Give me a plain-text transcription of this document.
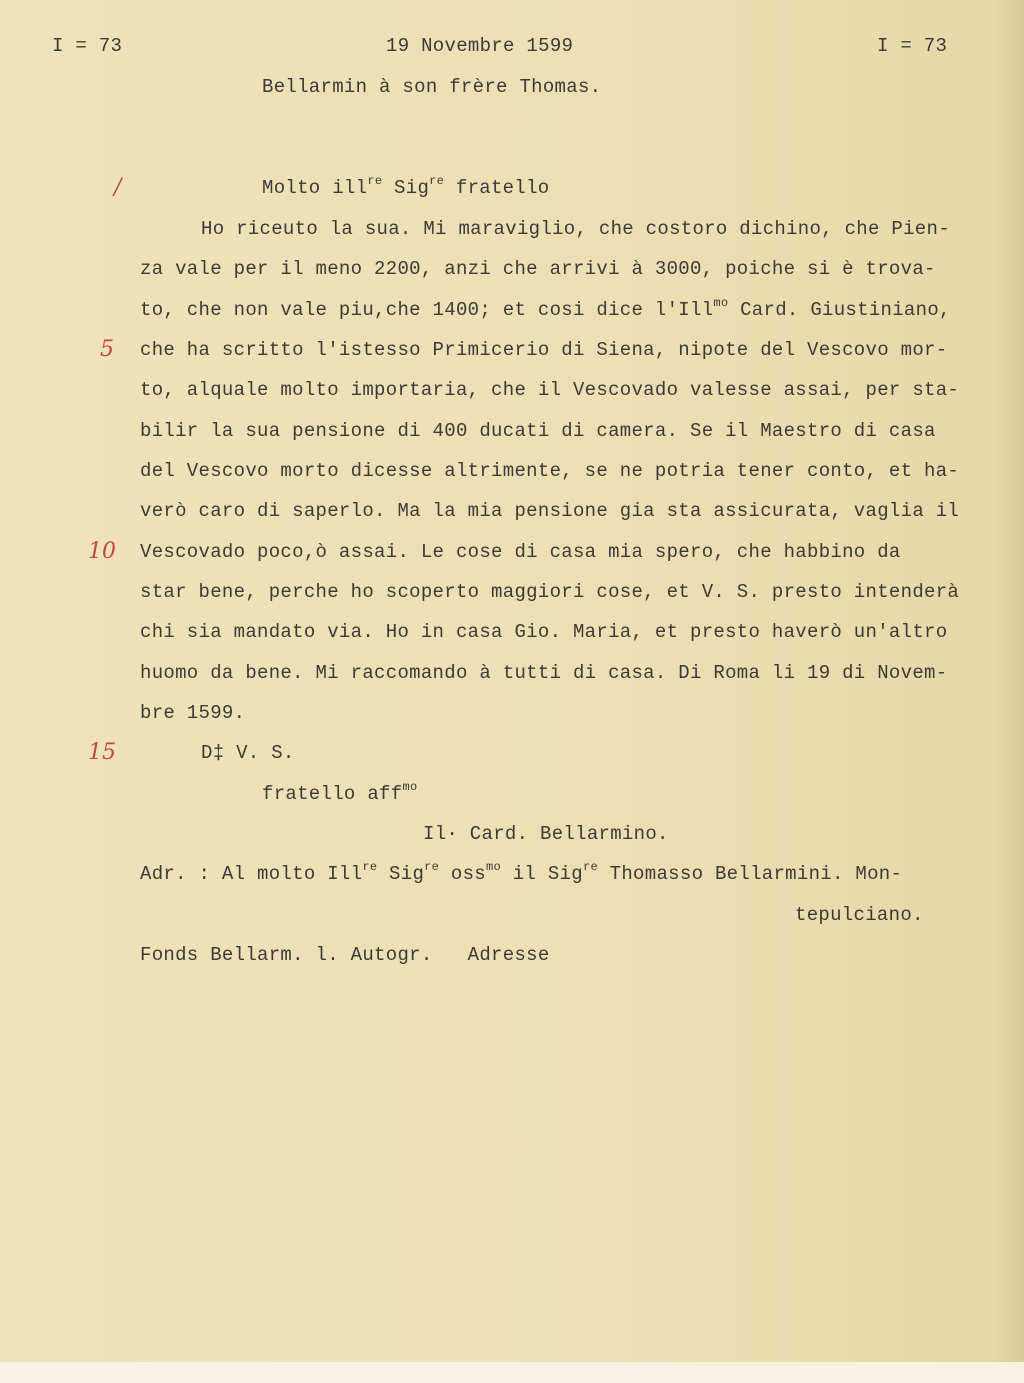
I = 73	19 Novembre 1599	I = 73
Bellarmin à son frère Thomas.
Molto ill$^{re}$ Sig$^{re}$ fratello
Ho riceuto la sua. Mi maraviglio, che costoro dichino, che Pien-
za vale per il meno 2200, anzi che arrivi à 3000, poiche si è trova-
to, che non vale piu,che 1400; et cosi dice l'Ill$^{mo}$ Card. Giustiniano,
che ha scritto l'istesso Primicerio di Siena, nipote del Vescovo mor-
to, alquale molto importaria, che il Vescovado valesse assai, per sta-
bilir la sua pensione di 400 ducati di camera. Se il Maestro di casa
del Vescovo morto dicesse altrimente, se ne potria tener conto, et ha-
verò caro di saperlo. Ma la mia pensione gia sta assicurata, vaglia il
Vescovado poco,ò assai. Le cose di casa mia spero, che habbino da
star bene, perche ho scoperto maggiori cose, et V. S. presto intenderà
chi sia mandato via. Ho in casa Gio. Maria, et presto haverò un'altro
huomo da bene. Mi raccomando à tutti di casa. Di Roma li 19 di Novem-
bre 1599.
D‡ V. S.
fratello aff$^{mo}$
Il· Card. Bellarmino.
Adr. : Al molto Ill$^{re}$ Sig$^{re}$ oss$^{mo}$ il Sig$^{re}$ Thomasso Bellarmini. Mon-
tepulciano.
Fonds Bellarm. l. Autogr.   Adresse
/
5
10
15
